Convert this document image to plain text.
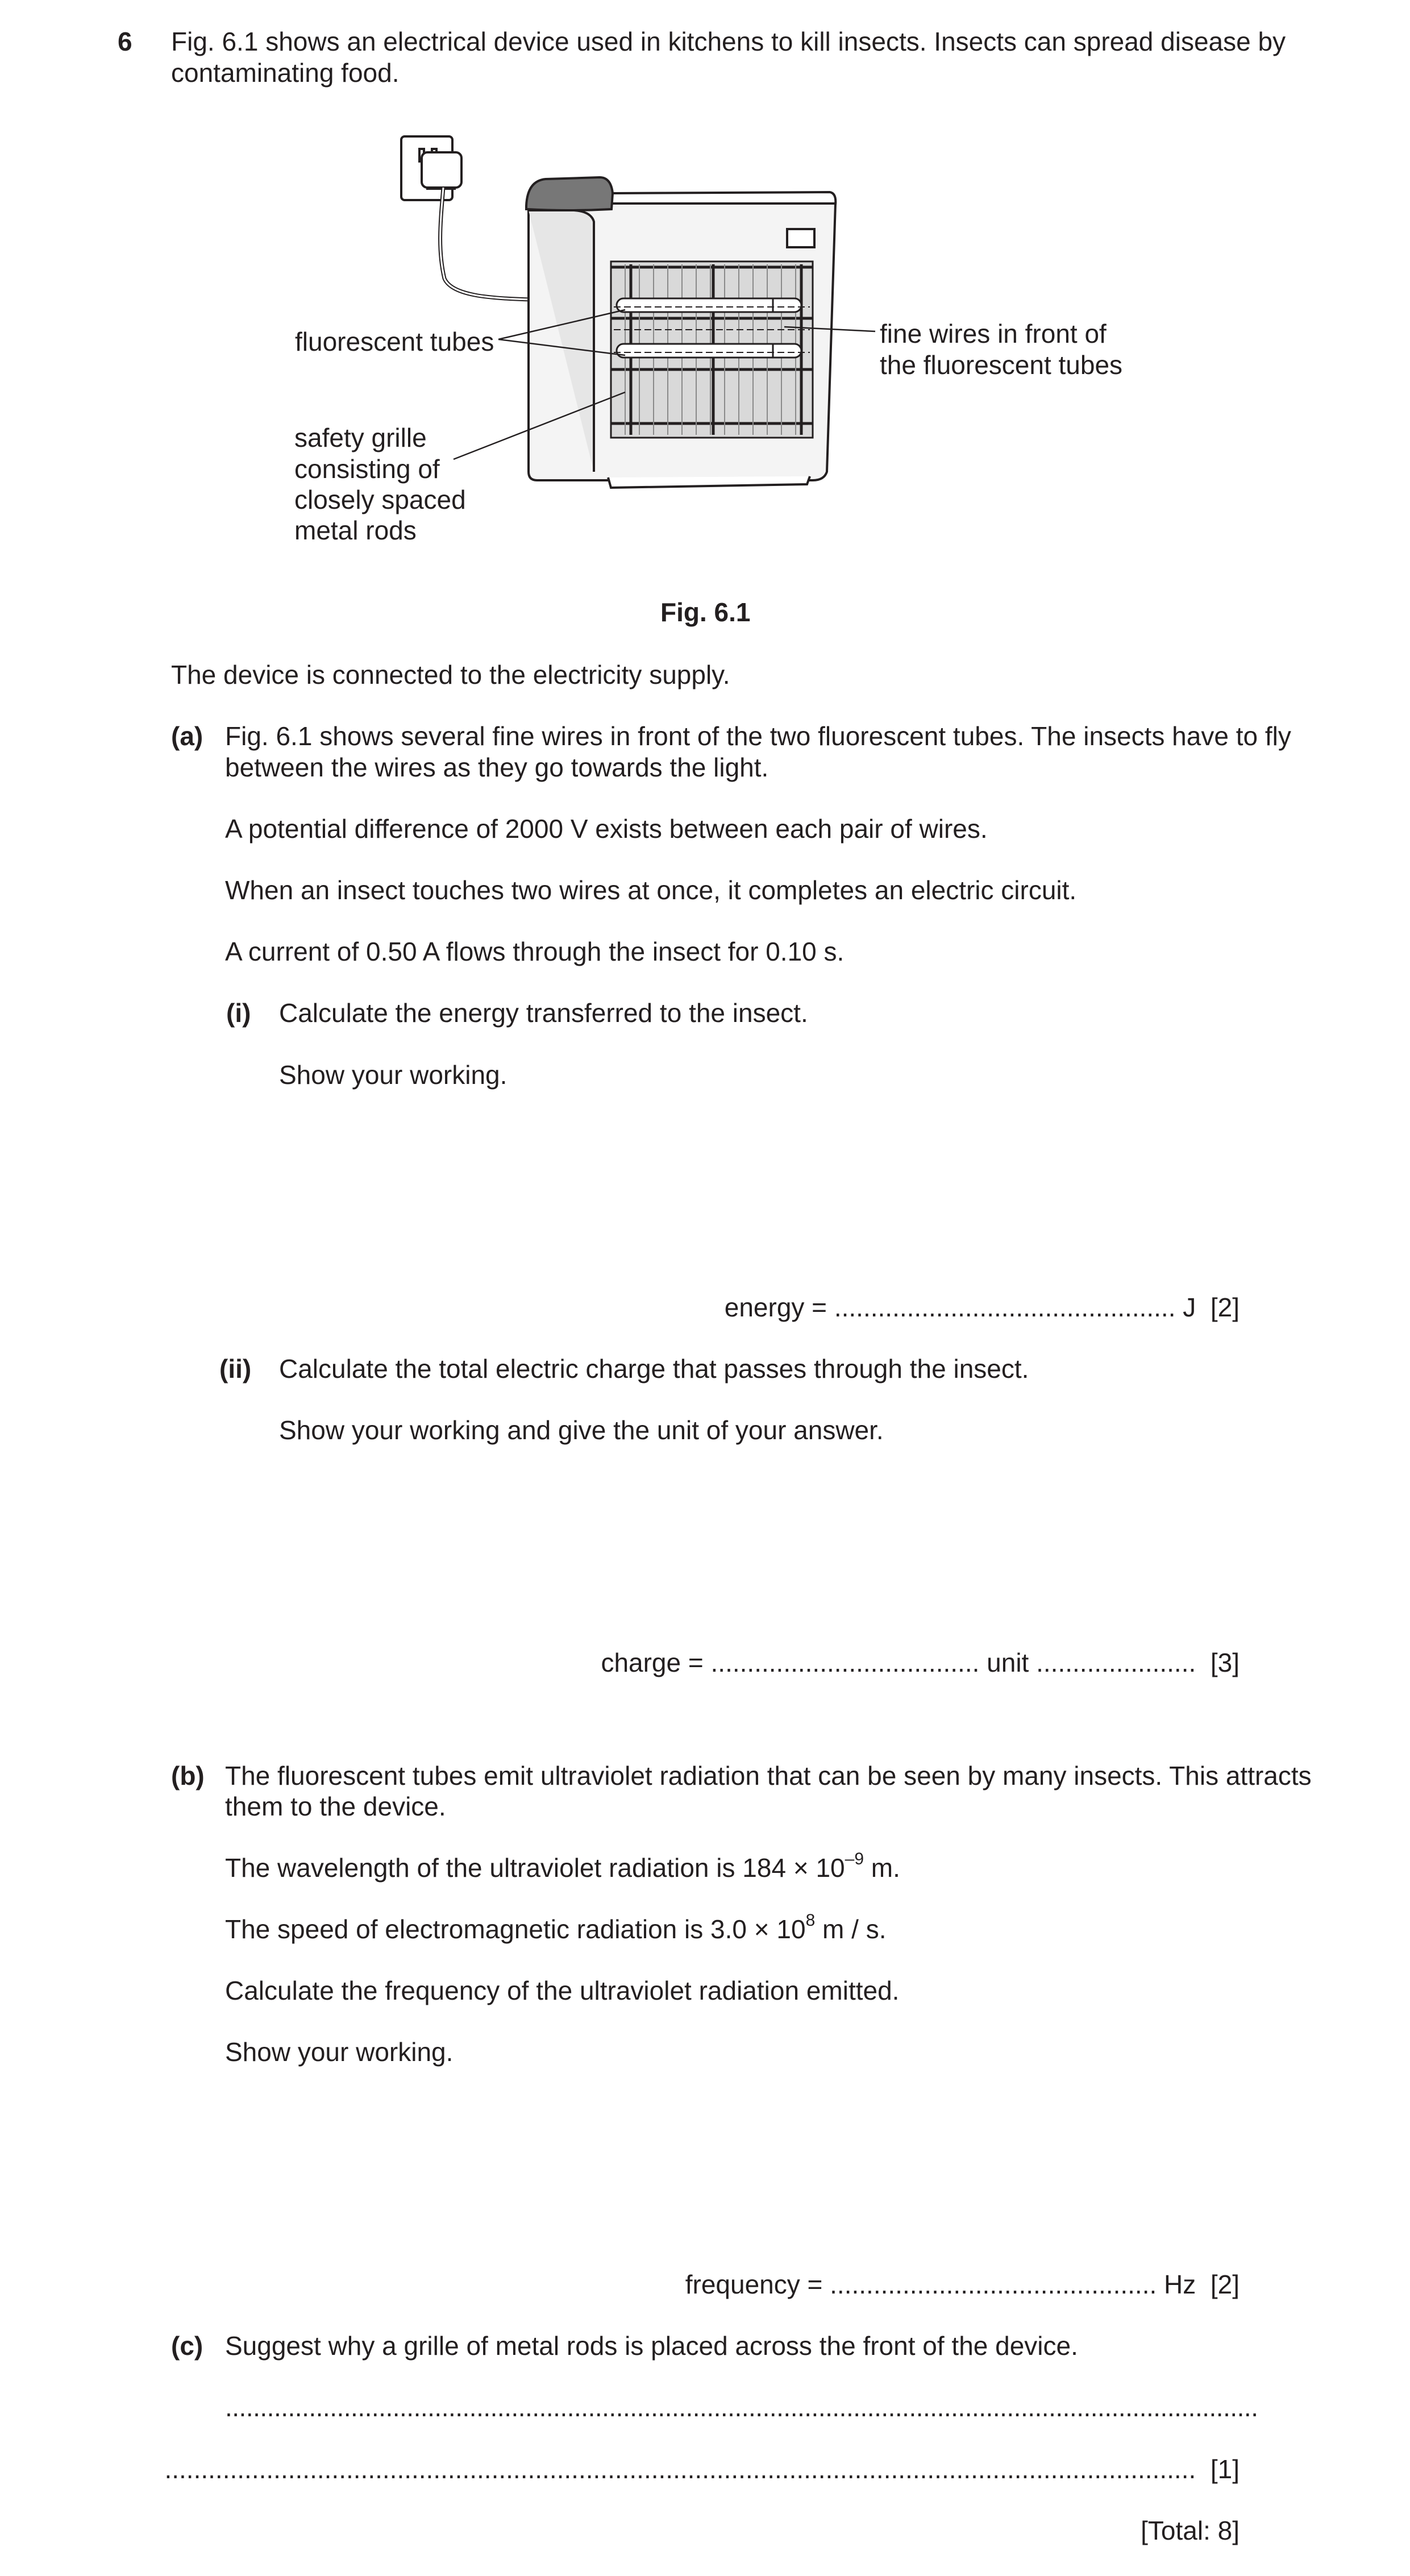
6 Fig. 6.1 shows an electrical device used in kitchens to kill insects. Insects can spread disease by
contaminating food.
fluorescent tubes	fine wires in front of
the fluorescent tubes
safety grille
consisting of
closely spaced
metal rods
Fig. 6.1
The device is connected to the electricity supply.
(a) Fig. 6.1 shows several fine wires in front of the two fluorescent tubes. The insects have to fly
between the wires as they go towards the light.
A potential difference of 2000 V exists between each pair of wires.
When an insect touches two wires at once, it completes an electric circuit.
A current of 0.50 A flows through the insect for 0.10 s.
(i) Calculate the energy transferred to the insect.
Show your working.
energy = ............................................... J [2]
(ii) Calculate the total electric charge that passes through the insect.
Show your working and give the unit of your answer.
charge = ..................................... unit ...................... [3]
(b) The fluorescent tubes emit ultraviolet radiation that can be seen by many insects. This attracts
them to the device.
The wavelength of the ultraviolet radiation is $184 \times 10^{-9}$ m.
The speed of electromagnetic radiation is $3.0 \times 10^8$ m / s.
Calculate the frequency of the ultraviolet radiation emitted.
Show your working.
frequency = ............................................. Hz [2]
(c) Suggest why a grille of metal rods is placed across the front of the device.
....................................................................................................................................................
.............................................................................................................................................. [1]
[Total: 8]
